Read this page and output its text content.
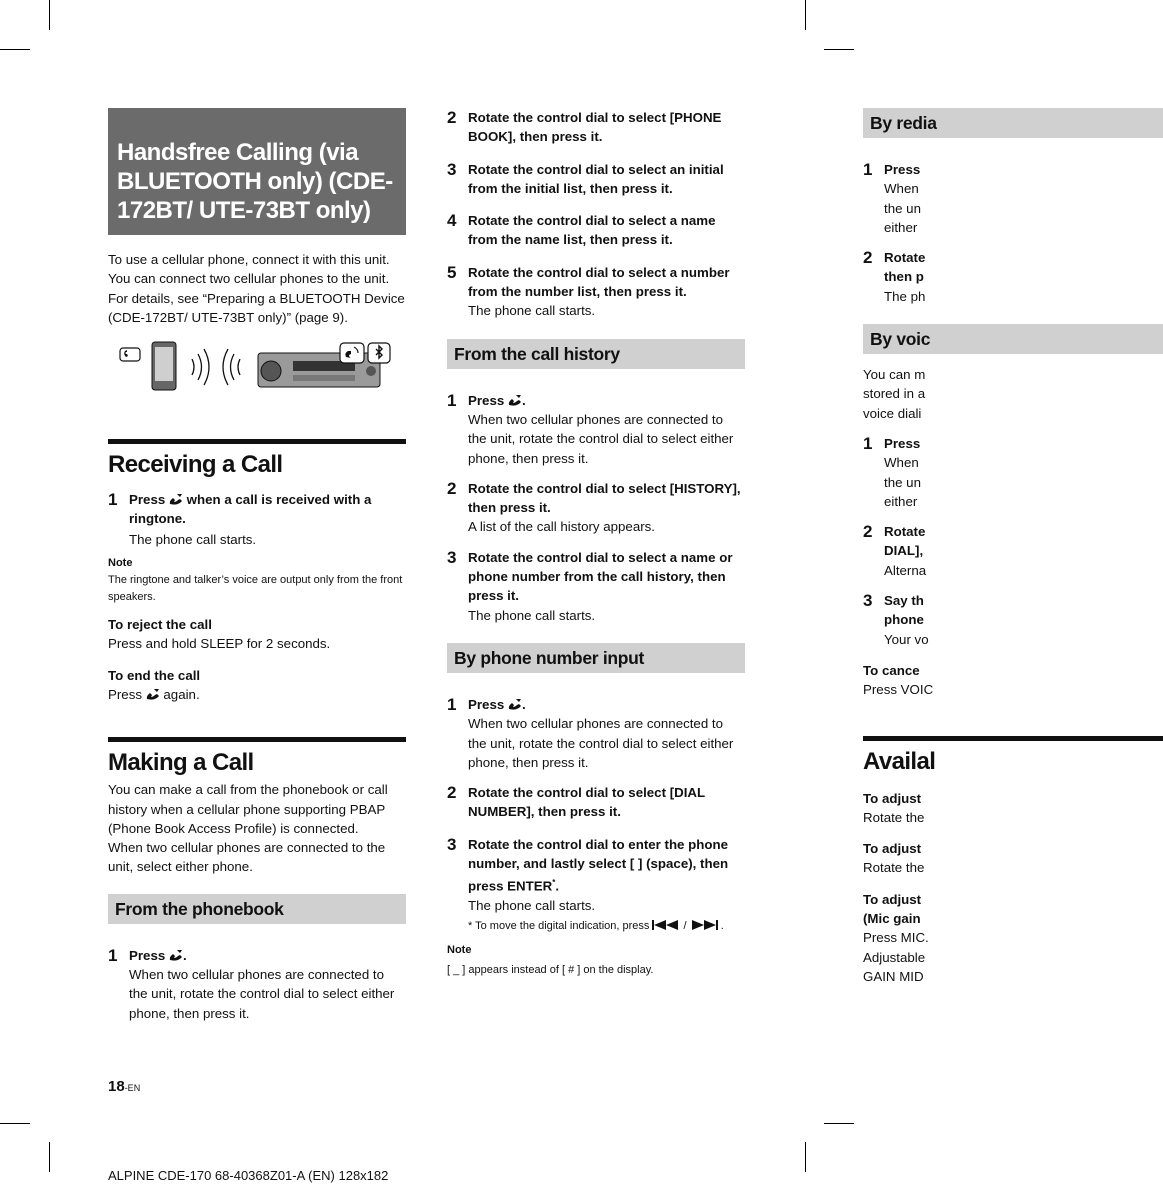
Handsfree Calling (via BLUETOOTH only) (CDE-172BT/ UTE-73BT only)
To use a cellular phone, connect it with this unit. You can connect two cellular phones to the unit. For details, see “Preparing a BLUETOOTH Device (CDE-172BT/ UTE-73BT only)” (page 9).
Receiving a Call
1 Press when a call is received with a ringtone.
The phone call starts.
Note
The ringtone and talker’s voice are output only from the front speakers.
To reject the call
Press and hold SLEEP for 2 seconds.
To end the call
Press again.
Making a Call
You can make a call from the phonebook or call history when a cellular phone supporting PBAP (Phone Book Access Profile) is connected.
When two cellular phones are connected to the unit, select either phone.
From the phonebook
1 Press .
When two cellular phones are connected to the unit, rotate the control dial to select either phone, then press it.
18-EN
2 Rotate the control dial to select [PHONE BOOK], then press it.
3 Rotate the control dial to select an initial from the initial list, then press it.
4 Rotate the control dial to select a name from the name list, then press it.
5 Rotate the control dial to select a number from the number list, then press it.
The phone call starts.
From the call history
1 Press .
When two cellular phones are connected to the unit, rotate the control dial to select either phone, then press it.
2 Rotate the control dial to select [HISTORY], then press it.
A list of the call history appears.
3 Rotate the control dial to select a name or phone number from the call history, then press it.
The phone call starts.
By phone number input
1 Press .
When two cellular phones are connected to the unit, rotate the control dial to select either phone, then press it.
2 Rotate the control dial to select [DIAL NUMBER], then press it.
3 Rotate the control dial to enter the phone number, and lastly select [ ] (space), then press ENTER*.
The phone call starts.
* To move the digital indication, press	/	.
Note
[ _ ] appears instead of [ # ] on the display.
By redia
1 Press
When
the un
either
2 Rotate
then p
The ph
By voic
You can m
stored in a
voice diali
1 Press
When
the un
either
2 Rotate
DIAL],
Alterna
3 Say th
phone
Your vo
To cance
Press VOIC
Availal
To adjust
Rotate the
To adjust
Rotate the
To adjust
(Mic gain
Press MIC.
Adjustable
GAIN MID
ALPINE CDE-170 68-40368Z01-A (EN) 128x182
